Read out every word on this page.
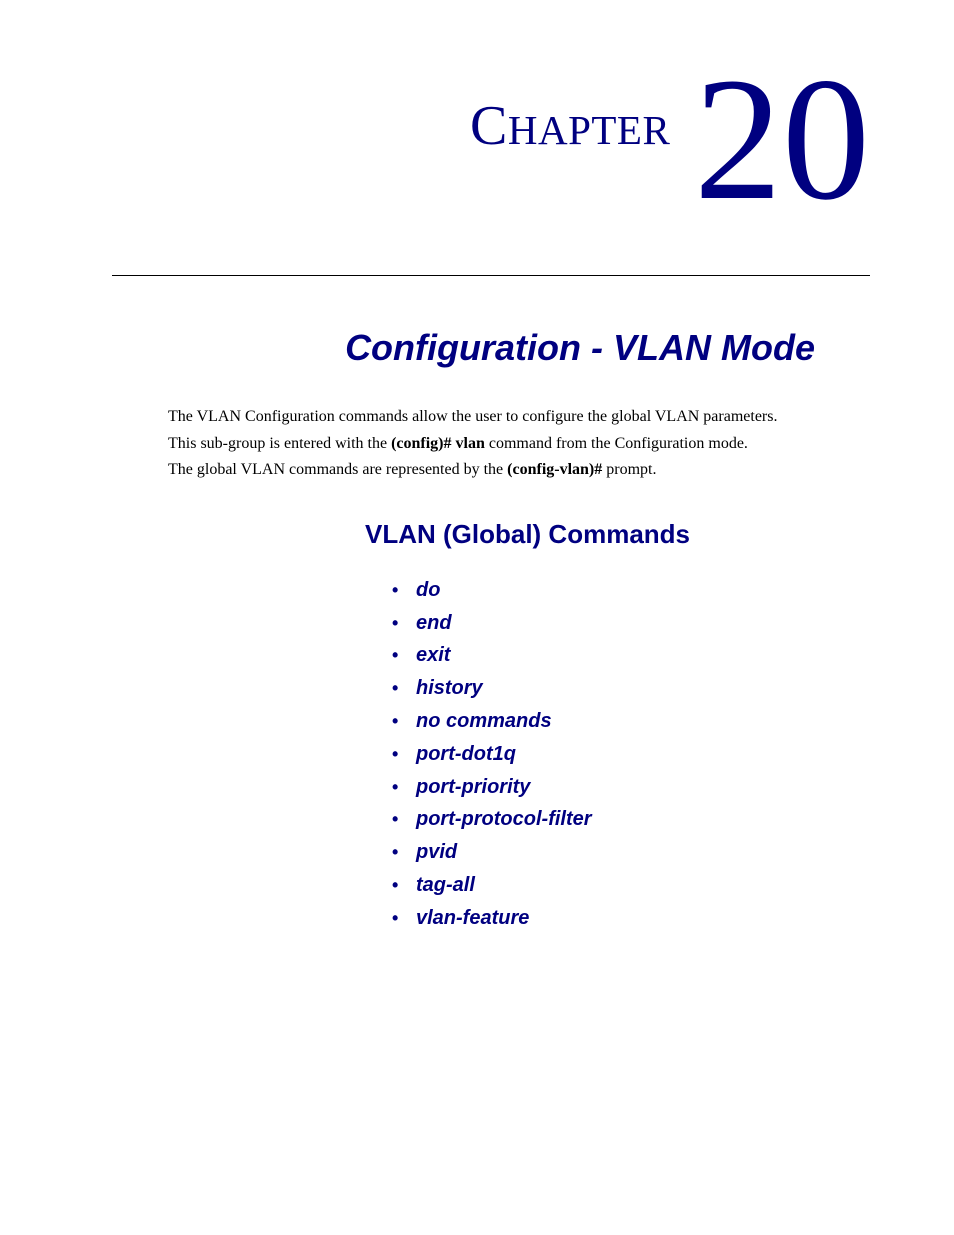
CHAPTER 20
Configuration - VLAN Mode

The VLAN Configuration commands allow the user to configure the global VLAN parameters.

This sub-group is entered with the (config)# vlan command from the Configuration mode.

The global VLAN commands are represented by the (config-vlan)# prompt.

VLAN (Global) Commands
• do
• end
• exit
• history
• no commands
• port-dot1q
• port-priority
• port-protocol-filter
• pvid
• tag-all
• vlan-feature
